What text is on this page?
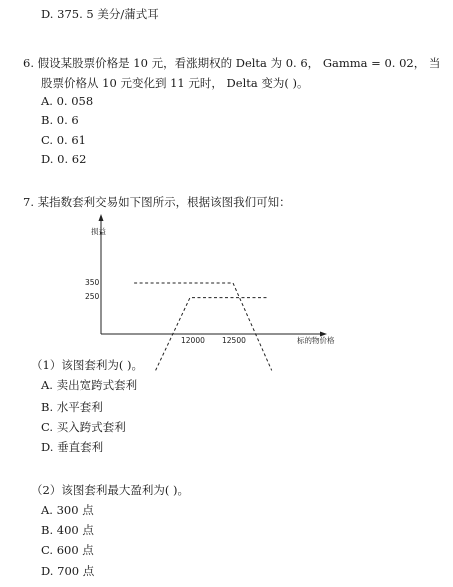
D. 375. 5 美分/蒲式耳
6. 假设某股票价格是 10 元，看涨期权的 Delta 为 0. 6， Gamma = 0. 02， 当
股票价格从 10 元变化到 11 元时， Delta 变为( )。
A. 0. 058
B. 0. 6
C. 0. 61
D. 0. 62
7. 某指数套利交易如下图所示，根据该图我们可知：
损益
标的物价格
350
250
12000 12500
（1）该图套利为( )。
A. 卖出宽跨式套利
B. 水平套利
C. 买入跨式套利
D. 垂直套利
（2）该图套利最大盈利为( )。
A. 300 点
B. 400 点
C. 600 点
D. 700 点
